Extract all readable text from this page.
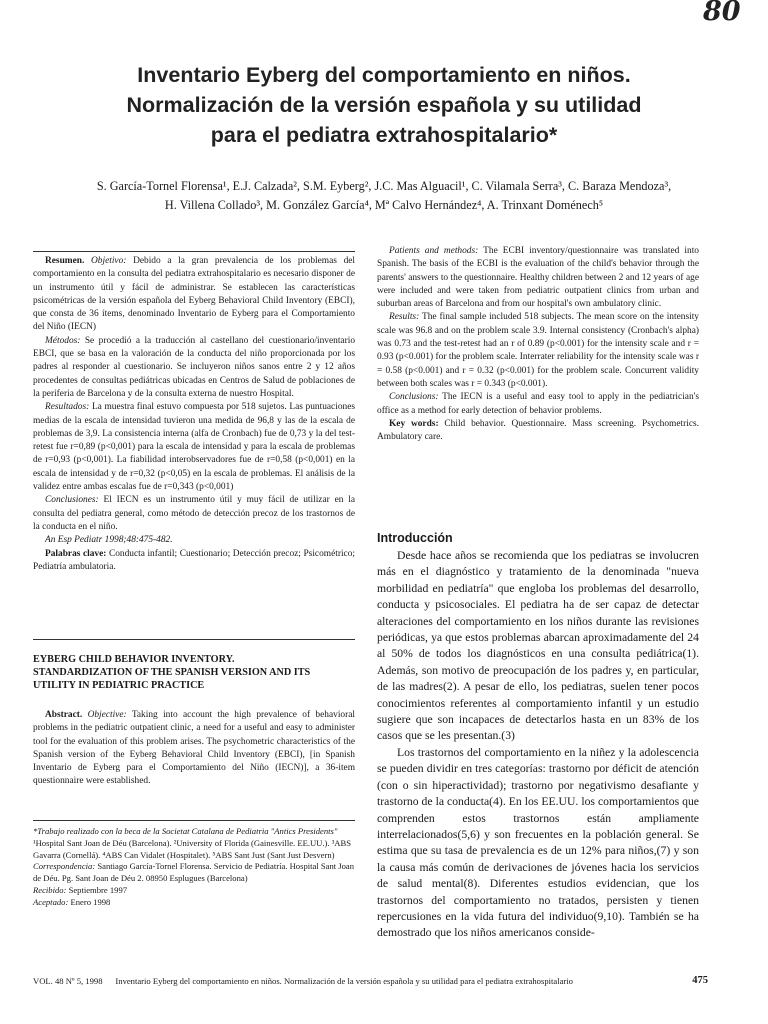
80
Inventario Eyberg del comportamiento en niños.
Normalización de la versión española y su utilidad
para el pediatra extrahospitalario*
S. García-Tornel Florensa¹, E.J. Calzada², S.M. Eyberg², J.C. Mas Alguacil¹, C. Vilamala Serra³, C. Baraza Mendoza³,
H. Villena Collado³, M. González García⁴, Mª Calvo Hernández⁴, A. Trinxant Doménech⁵

Resumen. Objetivo: Debido a la gran prevalencia de los problemas del comportamiento en la consulta del pediatra extrahospitalario es necesario disponer de un instrumento útil y fácil de administrar. Se establecen las características psicométricas de la versión española del Eyberg Behavioral Child Inventory (EBCI), que consta de 36 ítems, denominado Inventario de Eyberg para el Comportamiento del Niño (IECN)

Métodos: Se procedió a la traducción al castellano del cuestionario/inventario EBCI, que se basa en la valoración de la conducta del niño proporcionada por los padres al responder al cuestionario. Se incluyeron niños sanos entre 2 y 12 años procedentes de consultas pediátricas ubicadas en Centros de Salud de poblaciones de la periferia de Barcelona y de la consulta externa de nuestro Hospital.

Resultados: La muestra final estuvo compuesta por 518 sujetos. Las puntuaciones medias de la escala de intensidad tuvieron una medida de 96,8 y las de la escala de problemas de 3,9. La consistencia interna (alfa de Cronbach) fue de 0,73 y la del test-retest fue r=0,89 (p<0,001) para la escala de intensidad y para la escala de problemas de r=0,93 (p<0,001). La fiabilidad interobservadores fue de r=0,58 (p<0,001) en la escala de intensidad y de r=0,32 (p<0,05) en la escala de problemas. El análisis de la validez entre ambas escalas fue de r=0,343 (p<0,001)

Conclusiones: El IECN es un instrumento útil y muy fácil de utilizar en la consulta del pediatra general, como método de detección precoz de los trastornos de la conducta en el niño.

An Esp Pediatr 1998;48:475-482.

Palabras clave: Conducta infantil; Cuestionario; Detección precoz; Psicométrico; Pediatría ambulatoria.

EYBERG CHILD BEHAVIOR INVENTORY.
STANDARDIZATION OF THE SPANISH VERSION AND ITS
UTILITY IN PEDIATRIC PRACTICE

Abstract. Objective: Taking into account the high prevalence of behavioral problems in the pediatric outpatient clinic, a need for a useful and easy to administer tool for the evaluation of this problem arises. The psychometric characteristics of the Spanish version of the Eyberg Behavioral Child Inventory (EBCI), [in Spanish Inventario de Eyberg para el Comportamiento del Niño (IECN)], a 36-item questionnaire were established.

*Trabajo realizado con la beca de la Societat Catalana de Pediatria "Antics Presidents"

¹Hospital Sant Joan de Déu (Barcelona). ²University of Florida (Gainesville. EE.UU.). ³ABS Gavarra (Cornellá). ⁴ABS Can Vidalet (Hospitalet). ⁵ABS Sant Just (Sant Just Desvern)

Correspondencia: Santiago García-Tornel Florensa. Servicio de Pediatría. Hospital Sant Joan de Déu. Pg. Sant Joan de Déu 2. 08950 Esplugues (Barcelona)

Recibido: Septiembre 1997

Aceptado: Enero 1998

Patients and methods: The ECBI inventory/questionnaire was translated into Spanish. The basis of the ECBI is the evaluation of the child's behavior through the parents' answers to the questionnaire. Healthy children between 2 and 12 years of age were included and were taken from pediatric outpatient clinics from urban and suburban areas of Barcelona and from our hospital's own ambulatory clinic.

Results: The final sample included 518 subjects. The mean score on the intensity scale was 96.8 and on the problem scale 3.9. Internal consistency (Cronbach's alpha) was 0.73 and the test-retest had an r of 0.89 (p<0.001) for the intensity scale and r = 0.93 (p<0.001) for the problem scale. Interrater reliability for the intensity scale was r = 0.58 (p<0.001) and r = 0.32 (p<0.001) for the problem scale. Concurrent validity between both scales was r = 0.343 (p<0.001).

Conclusions: The IECN is a useful and easy tool to apply in the pediatrician's office as a method for early detection of behavior problems.

Key words: Child behavior. Questionnaire. Mass screening. Psychometrics. Ambulatory care.

Introducción

Desde hace años se recomienda que los pediatras se involucren más en el diagnóstico y tratamiento de la denominada "nueva morbilidad en pediatría" que engloba los problemas del desarrollo, conducta y psicosociales. El pediatra ha de ser capaz de detectar alteraciones del comportamiento en los niños durante las revisiones periódicas, ya que estos problemas abarcan aproximadamente del 24 al 50% de todos los diagnósticos en una consulta pediátrica(1). Además, son motivo de preocupación de los padres y, en particular, de las madres(2). A pesar de ello, los pediatras, suelen tener pocos conocimientos referentes al comportamiento infantil y un estudio sugiere que son incapaces de detectarlos hasta en un 83% de los casos que se les presentan.(3)

Los trastornos del comportamiento en la niñez y la adolescencia se pueden dividir en tres categorías: trastorno por déficit de atención (con o sin hiperactividad); trastorno por negativismo desafiante y trastorno de la conducta(4). En los EE.UU. los comportamientos que comprenden estos trastornos están ampliamente interrelacionados(5,6) y son frecuentes en la población general. Se estima que su tasa de prevalencia es de un 12% para niños,(7) y son la causa más común de derivaciones de jóvenes hacia los servicios de salud mental(8). Diferentes estudios evidencian, que los trastornos del comportamiento no tratados, persisten y tienen repercusiones en la vida futura del individuo(9,10). También se ha demostrado que los niños americanos conside-

VOL. 48 Nº 5, 1998 Inventario Eyberg del comportamiento en niños. Normalización de la versión española y su utilidad para el pediatra extrahospitalario	475
